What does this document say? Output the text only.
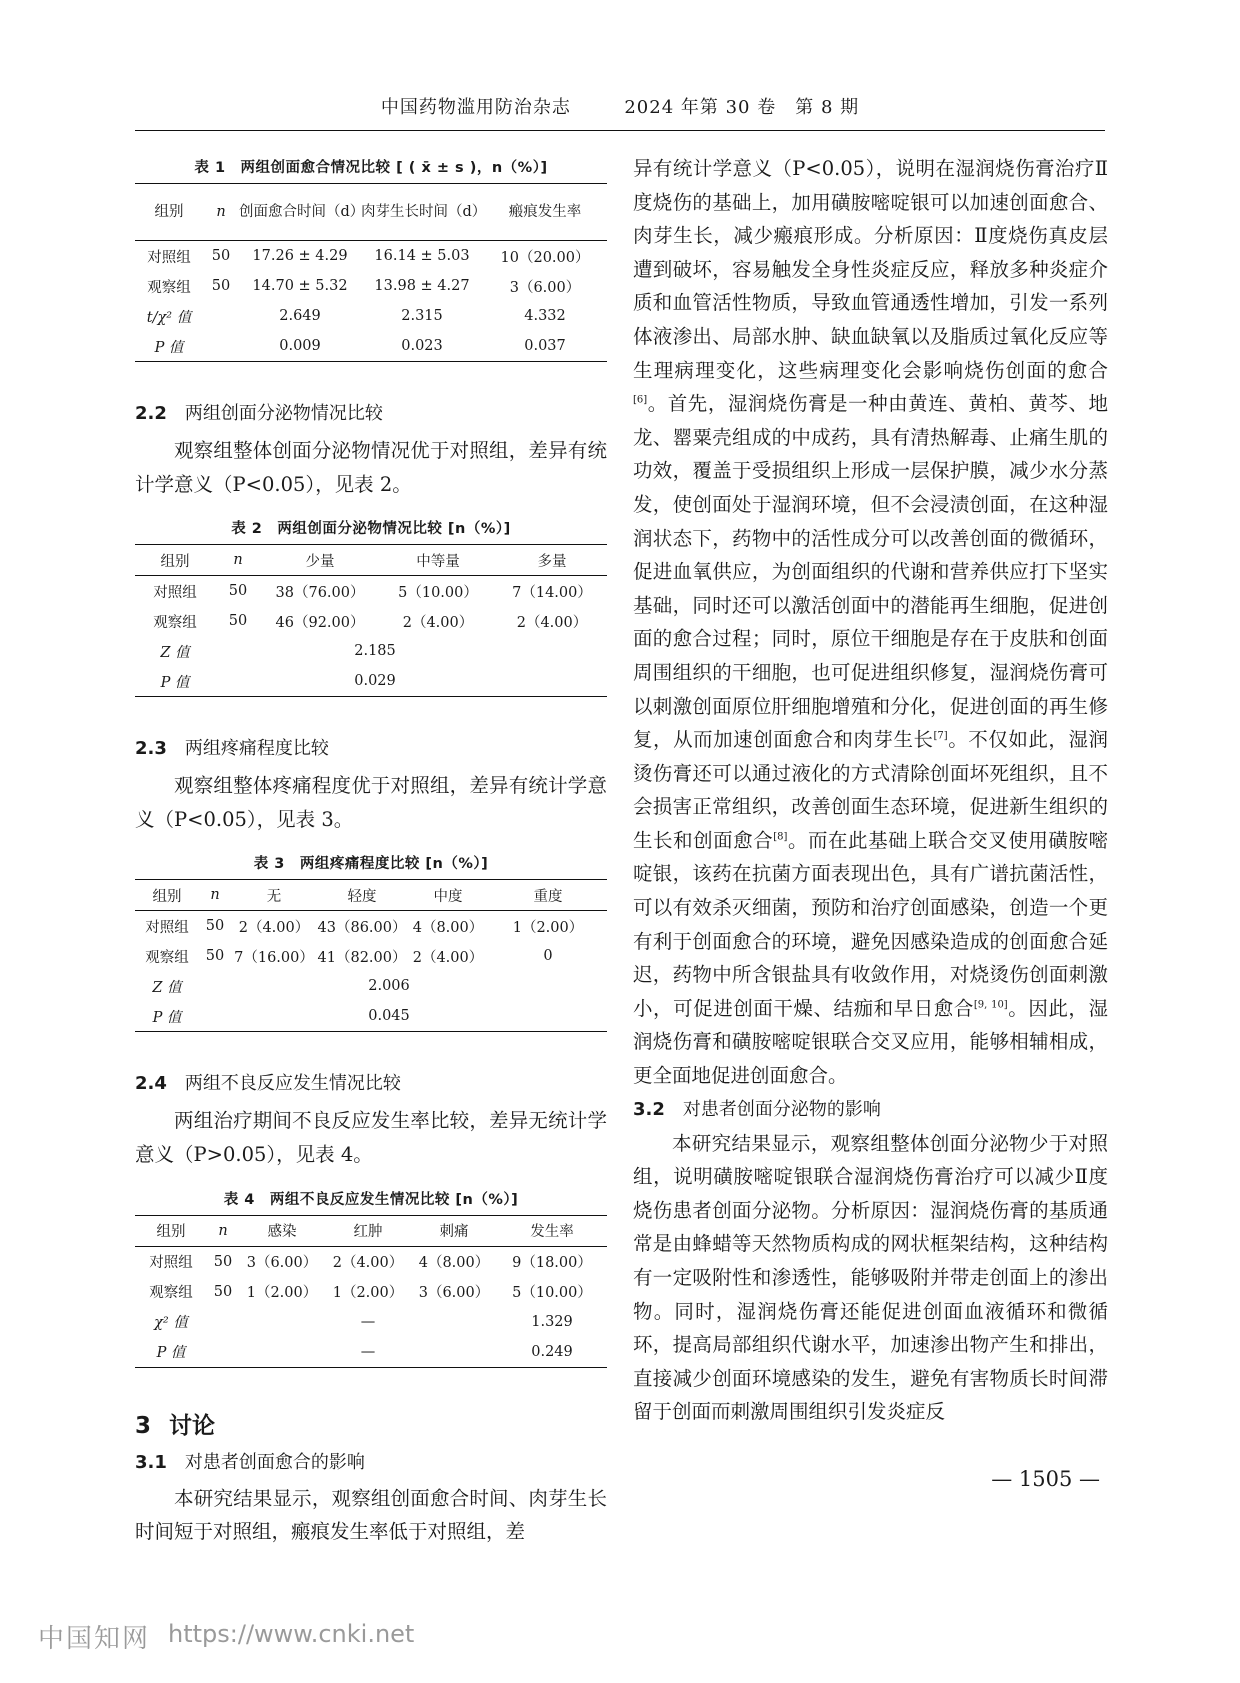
中国药物滥用防治杂志	2024 年第 30 卷　第 8 期
表 1　两组创面愈合情况比较 [ ( x̄ ± s )，n（%）]
组别	n	创面愈合时间（d）	肉芽生长时间（d）	瘢痕发生率
对照组	50	17.26 ± 4.29	16.14 ± 5.03	10（20.00）
观察组	50	14.70 ± 5.32	13.98 ± 4.27	3（6.00）
t/χ² 值		2.649	2.315	4.332
P 值		0.009	0.023	0.037
2.2 两组创面分泌物情况比较

观察组整体创面分泌物情况优于对照组，差异有统计学意义（P<0.05），见表 2。

表 2　两组创面分泌物情况比较 [n（%）]
组别	n	少量	中等量	多量
对照组	50	38（76.00）	5（10.00）	7（14.00）
观察组	50	46（92.00）	2（4.00）	2（4.00）
Z 值		2.185		
P 值		0.029		
2.3 两组疼痛程度比较

观察组整体疼痛程度优于对照组，差异有统计学意义（P<0.05），见表 3。

表 3　两组疼痛程度比较 [n（%）]
组别	n	无	轻度	中度	重度
对照组	50	2（4.00）	43（86.00）	4（8.00）	1（2.00）
观察组	50	7（16.00）	41（82.00）	2（4.00）	0
Z 值		2.006			
P 值		0.045			
2.4 两组不良反应发生情况比较

两组治疗期间不良反应发生率比较，差异无统计学意义（P>0.05），见表 4。

表 4　两组不良反应发生情况比较 [n（%）]
组别	n	感染	红肿	刺痛	发生率
对照组	50	3（6.00）	2（4.00）	4（8.00）	9（18.00）
观察组	50	1（2.00）	1（2.00）	3（6.00）	5（10.00）
χ² 值		—			1.329
P 值		—			0.249
3 讨论
3.1 对患者创面愈合的影响

本研究结果显示，观察组创面愈合时间、肉芽生长时间短于对照组，瘢痕发生率低于对照组，差

异有统计学意义（P<0.05），说明在湿润烧伤膏治疗Ⅱ度烧伤的基础上，加用磺胺嘧啶银可以加速创面愈合、肉芽生长，减少瘢痕形成。分析原因：Ⅱ度烧伤真皮层遭到破坏，容易触发全身性炎症反应，释放多种炎症介质和血管活性物质，导致血管通透性增加，引发一系列体液渗出、局部水肿、缺血缺氧以及脂质过氧化反应等生理病理变化，这些病理变化会影响烧伤创面的愈合[6]。首先，湿润烧伤膏是一种由黄连、黄柏、黄芩、地龙、罂粟壳组成的中成药，具有清热解毒、止痛生肌的功效，覆盖于受损组织上形成一层保护膜，减少水分蒸发，使创面处于湿润环境，但不会浸渍创面，在这种湿润状态下，药物中的活性成分可以改善创面的微循环，促进血氧供应，为创面组织的代谢和营养供应打下坚实基础，同时还可以激活创面中的潜能再生细胞，促进创面的愈合过程；同时，原位干细胞是存在于皮肤和创面周围组织的干细胞，也可促进组织修复，湿润烧伤膏可以刺激创面原位肝细胞增殖和分化，促进创面的再生修复，从而加速创面愈合和肉芽生长[7]。不仅如此，湿润烫伤膏还可以通过液化的方式清除创面坏死组织，且不会损害正常组织，改善创面生态环境，促进新生组织的生长和创面愈合[8]。而在此基础上联合交叉使用磺胺嘧啶银，该药在抗菌方面表现出色，具有广谱抗菌活性，可以有效杀灭细菌，预防和治疗创面感染，创造一个更有利于创面愈合的环境，避免因感染造成的创面愈合延迟，药物中所含银盐具有收敛作用，对烧烫伤创面刺激小，可促进创面干燥、结痂和早日愈合[9, 10]。因此，湿润烧伤膏和磺胺嘧啶银联合交叉应用，能够相辅相成，更全面地促进创面愈合。

3.2 对患者创面分泌物的影响

本研究结果显示，观察组整体创面分泌物少于对照组，说明磺胺嘧啶银联合湿润烧伤膏治疗可以减少Ⅱ度烧伤患者创面分泌物。分析原因：湿润烧伤膏的基质通常是由蜂蜡等天然物质构成的网状框架结构，这种结构有一定吸附性和渗透性，能够吸附并带走创面上的渗出物。同时，湿润烧伤膏还能促进创面血液循环和微循环，提高局部组织代谢水平，加速渗出物产生和排出，直接减少创面环境感染的发生，避免有害物质长时间滞留于创面而刺激周围组织引发炎症反

— 1505 —
中国知网 https://www.cnki.net
